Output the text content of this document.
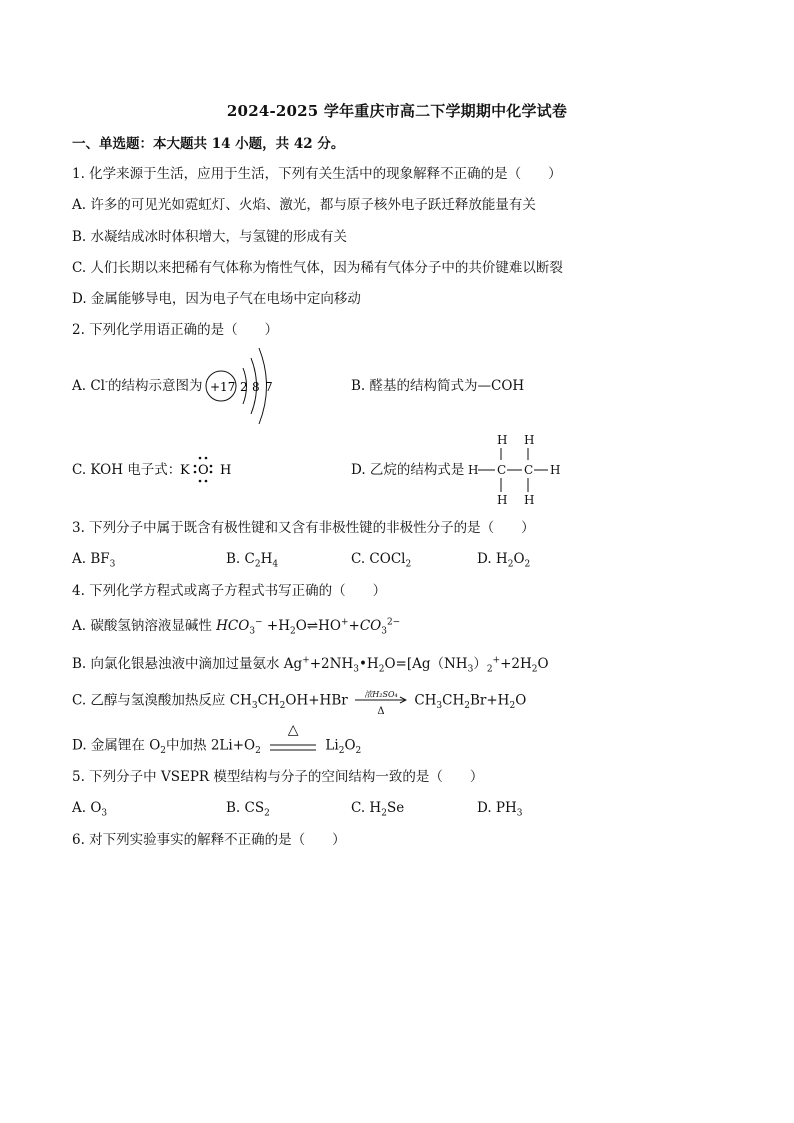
2024-2025 学年重庆市高二下学期期中化学试卷
一、单选题：本大题共 14 小题，共 42 分。
1. 化学来源于生活，应用于生活，下列有关生活中的现象解释不正确的是（　　）
A. 许多的可见光如霓虹灯、火焰、激光，都与原子核外电子跃迁释放能量有关
B. 水凝结成冰时体积增大，与氢键的形成有关
C. 人们长期以来把稀有气体称为惰性气体，因为稀有气体分子中的共价键难以断裂
D. 金属能够导电，因为电子气在电场中定向移动
2. 下列化学用语正确的是（　　）
A. Cl-的结构示意图为 +17 2 8 7	B. 醛基的结构简式为—COH
C. KOH 电子式：
K O H	D. 乙烷的结构式是
H H
H C C H
H H
3. 下列分子中属于既含有极性键和又含有非极性键的非极性分子的是（　　）
A. $BF_3$	B. $C_2H_4$	C. COCl$_2$	D. $H_2O_2$
4. 下列化学方程式或离子方程式书写正确的（　　）
A. 碳酸氢钠溶液显碱性 $HCO_3^-$ $+H_2O\rightleftharpoons HO^++CO_3^{2-}$
B. 向氯化银悬浊液中滴加过量氨水 $Ag^++2NH_3•H_2O=[Ag(NH_3)_2^++2H_2O$
C. 乙醇与氢溴酸加热反应 $CH_3CH_2OH+HBr$	浓H₂SO₄
Δ
$CH_3CH_2Br+H_2O$
D. 金属锂在 $O_2$中加热 $2Li+O_2$
△
$Li_2O_2$
5. 下列分子中 VSEPR 模型结构与分子的空间结构一致的是（　　）
A. $O_3$	B. $CS_2$	C. $H_2Se$	D. $PH_3$
6. 对下列实验事实的解释不正确的是（　　）
